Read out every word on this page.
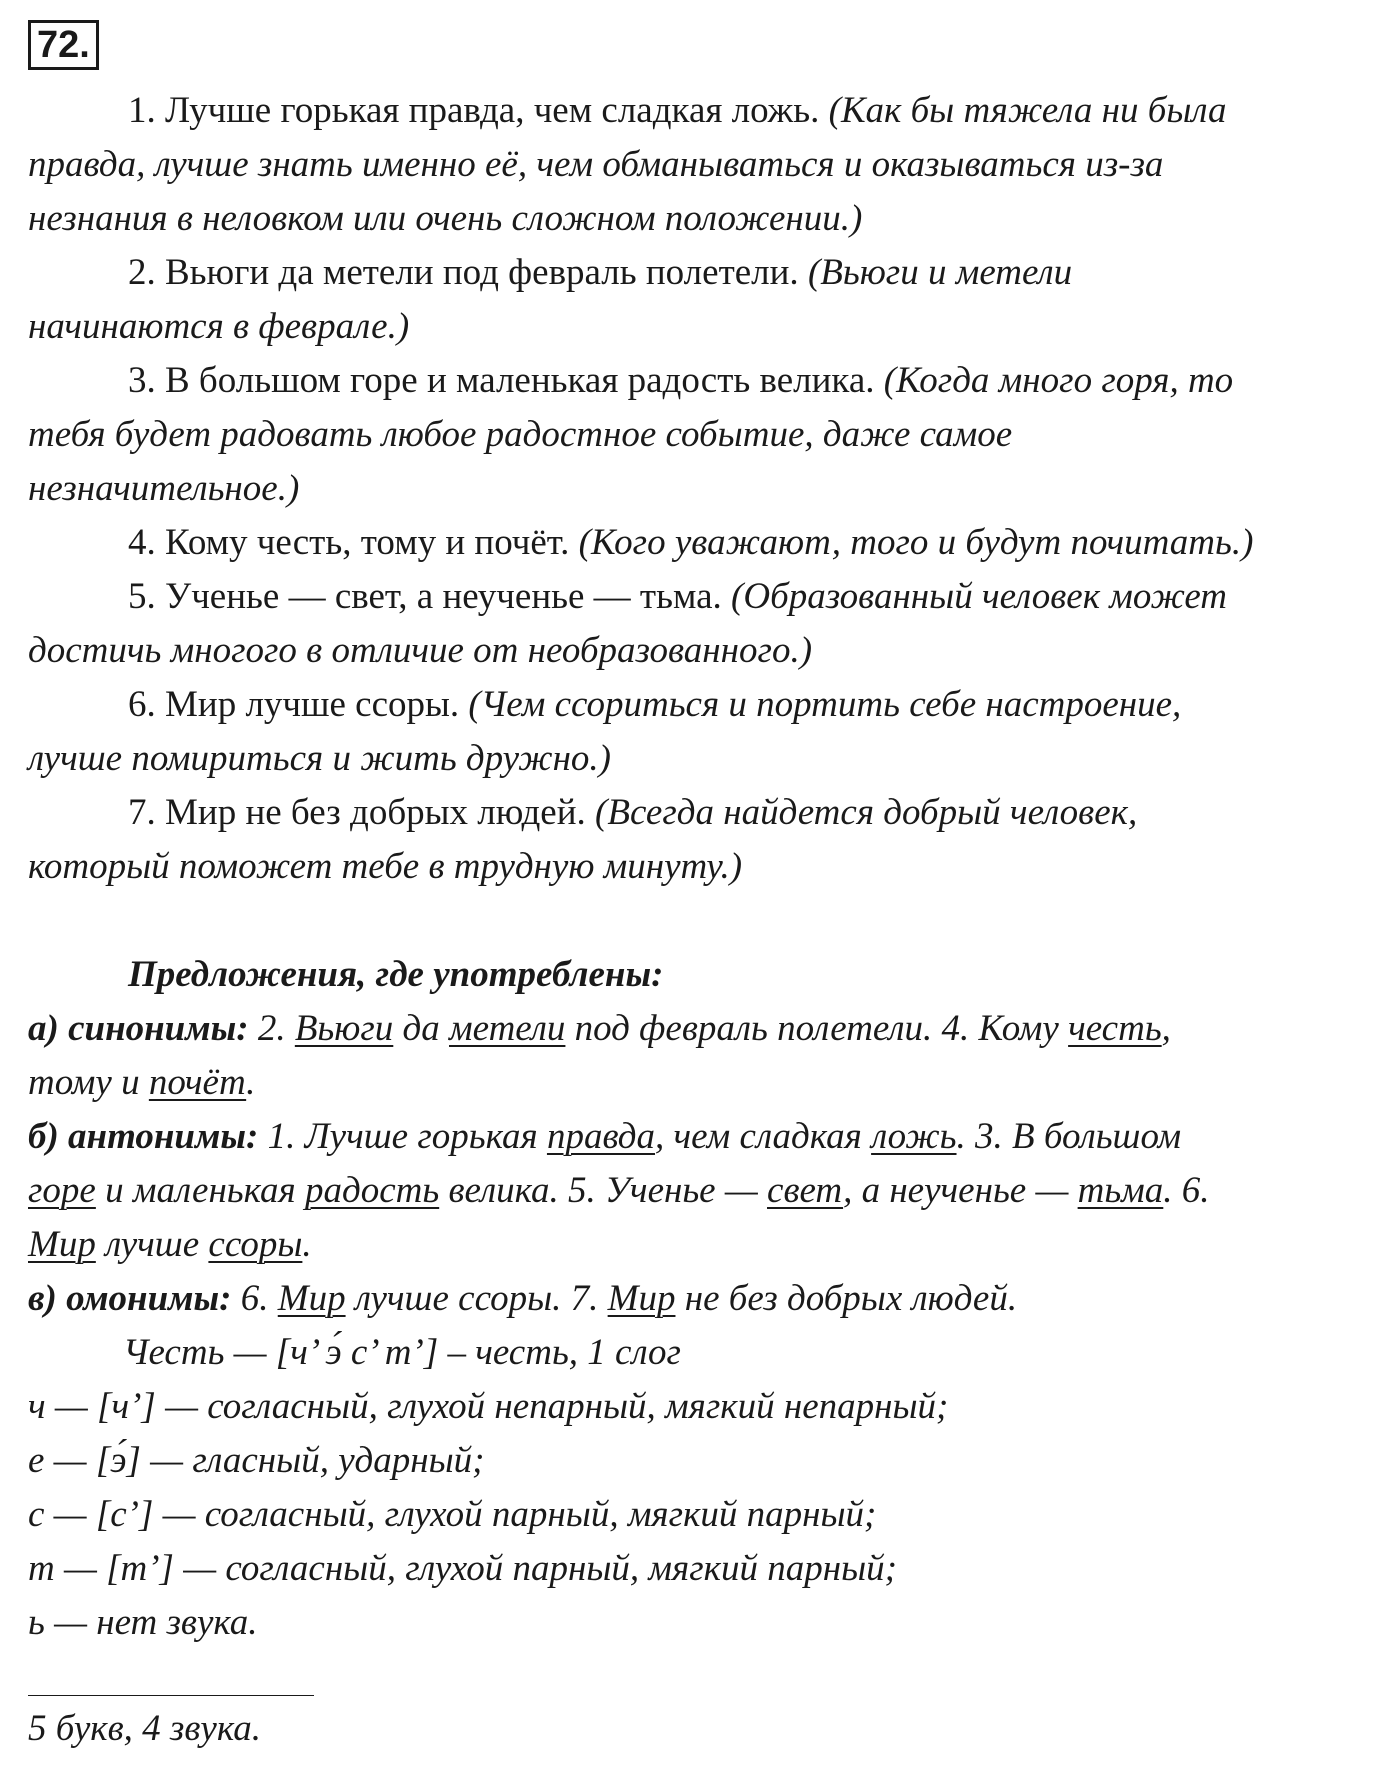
72.
1. Лучше горькая правда, чем сладкая ложь. (Как бы тяжела ни была
правда, лучше знать именно её, чем обманываться и оказываться из-за
незнания в неловком или очень сложном положении.)
2. Вьюги да метели под февраль полетели. (Вьюги и метели
начинаются в феврале.)
3. В большом горе и маленькая радость велика. (Когда много горя, то
тебя будет радовать любое радостное событие, даже самое
незначительное.)
4. Кому честь, тому и почёт. (Кого уважают, того и будут почитать.)
5. Ученье — свет, а неученье — тьма. (Образованный человек может
достичь многого в отличие от необразованного.)
6. Мир лучше ссоры. (Чем ссориться и портить себе настроение,
лучше помириться и жить дружно.)
7. Мир не без добрых людей. (Всегда найдется добрый человек,
который поможет тебе в трудную минуту.)
Предложения, где употреблены:
а) синонимы: 2. Вьюги да метели под февраль полетели. 4. Кому честь,
тому и почёт.
б) антонимы: 1. Лучше горькая правда, чем сладкая ложь. 3. В большом
горе и маленькая радость велика. 5. Ученье — свет, а неученье — тьма. 6.
Мир лучше ссоры.
в) омонимы: 6. Мир лучше ссоры. 7. Мир не без добрых людей.
Честь — [ч’ э́ с’ т’] – честь, 1 слог
ч — [ч’] — согласный, глухой непарный, мягкий непарный;
е — [э́] — гласный, ударный;
с — [с’] — согласный, глухой парный, мягкий парный;
т — [т’] — согласный, глухой парный, мягкий парный;
ь — нет звука.
5 букв, 4 звука.
